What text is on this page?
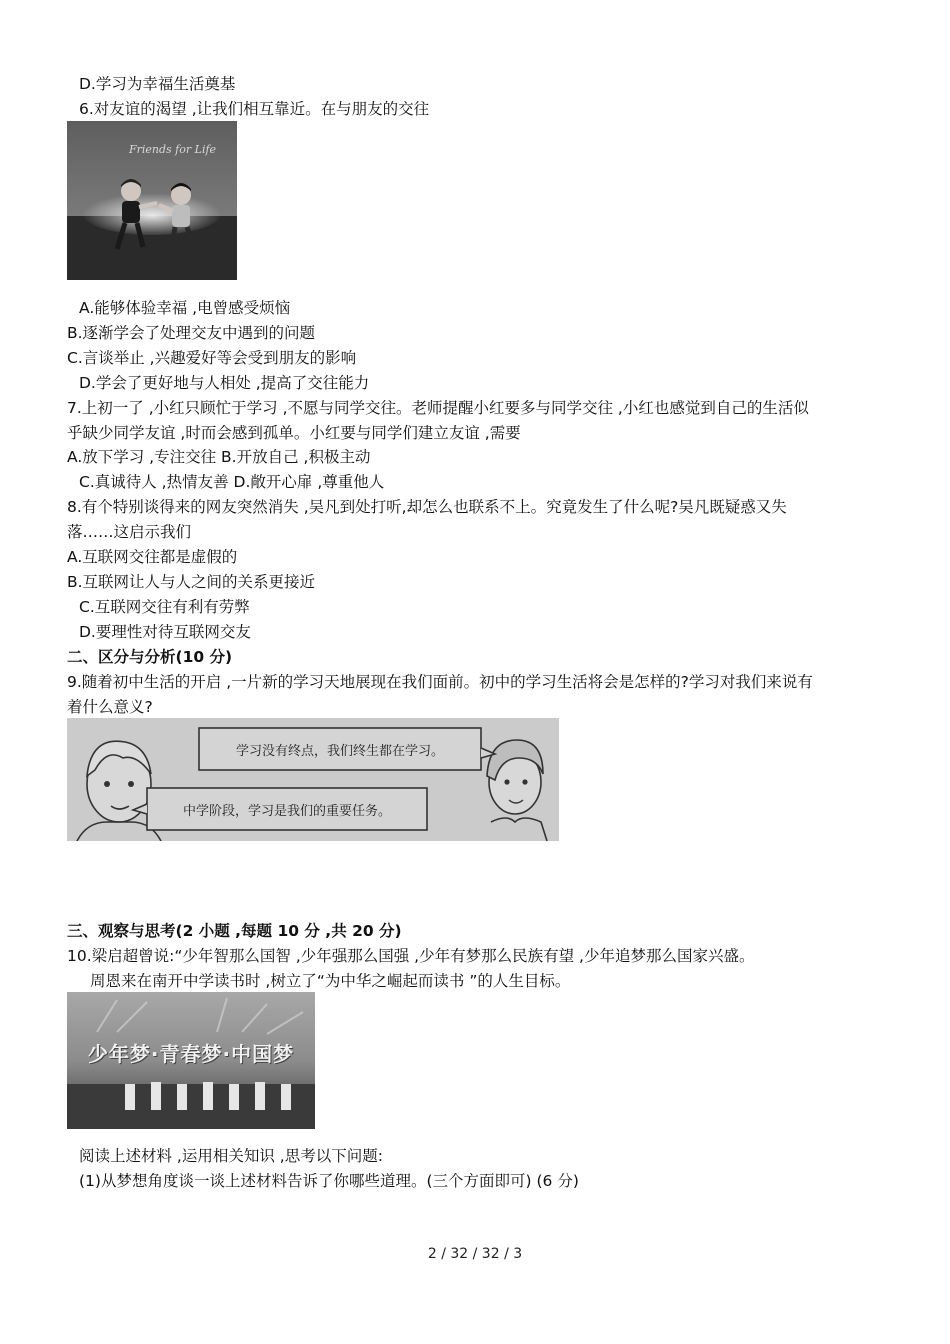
D.学习为幸福生活奠基
6.对友谊的渴望 ,让我们相互靠近。在与朋友的交往
Friends for Life
A.能够体验幸福 ,电曾感受烦恼
B.逐渐学会了处理交友中遇到的问题
C.言谈举止 ,兴趣爱好等会受到朋友的影响
D.学会了更好地与人相处 ,提高了交往能力
7.上初一了 ,小红只顾忙于学习 ,不愿与同学交往。老师提醒小红要多与同学交往 ,小红也感觉到自己的生活似
乎缺少同学友谊 ,时而会感到孤单。小红要与同学们建立友谊 ,需要
A.放下学习 ,专注交往 B.开放自己 ,积极主动
C.真诚待人 ,热情友善 D.敞开心扉 ,尊重他人
8.有个特别谈得来的网友突然消失 ,吴凡到处打听,却怎么也联系不上。究竟发生了什么呢?吴凡既疑惑又失
落……这启示我们
A.互联网交往都是虚假的
B.互联网让人与人之间的关系更接近
C.互联网交往有利有劳弊
D.要理性对待互联网交友
二、区分与分析(10 分)
9.随着初中生活的开启 ,一片新的学习天地展现在我们面前。初中的学习生活将会是怎样的?学习对我们来说有
着什么意义?
学习没有终点，我们终生都在学习。
中学阶段，学习是我们的重要任务。
三、观察与思考(2 小题 ,每题 10 分 ,共 20 分)
10.梁启超曾说:“少年智那么国智 ,少年强那么国强 ,少年有梦那么民族有望 ,少年追梦那么国家兴盛。
周恩来在南开中学读书时 ,树立了“为中华之崛起而读书 ”的人生目标。
少年梦·青春梦·中国梦
阅读上述材料 ,运用相关知识 ,思考以下问题:
(1)从梦想角度谈一谈上述材料告诉了你哪些道理。(三个方面即可) (6 分)
2 / 32 / 32 / 3
